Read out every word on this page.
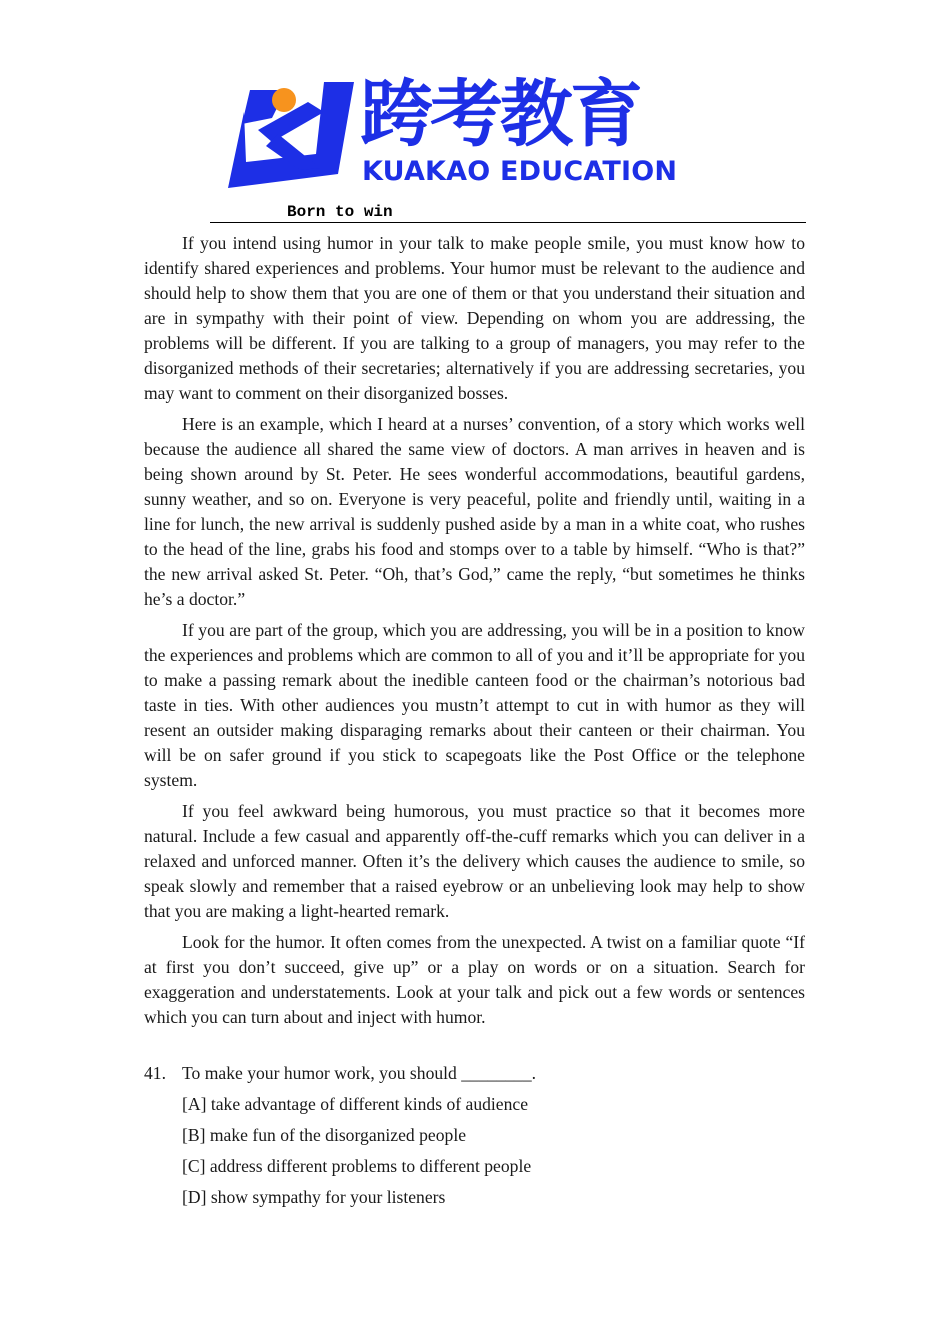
跨考教育
KUAKAO EDUCATION
Born to win

If you intend using humor in your talk to make people smile, you must know how to identify shared experiences and problems. Your humor must be relevant to the audience and should help to show them that you are one of them or that you understand their situation and are in sympathy with their point of view. Depending on whom you are addressing, the problems will be different. If you are talking to a group of managers, you may refer to the disorganized methods of their secretaries; alternatively if you are addressing secretaries, you may want to comment on their disorganized bosses.

Here is an example, which I heard at a nurses’ convention, of a story which works well because the audience all shared the same view of doctors. A man arrives in heaven and is being shown around by St. Peter. He sees wonderful accommodations, beautiful gardens, sunny weather, and so on. Everyone is very peaceful, polite and friendly until, waiting in a line for lunch, the new arrival is suddenly pushed aside by a man in a white coat, who rushes to the head of the line, grabs his food and stomps over to a table by himself. “Who is that?” the new arrival asked St. Peter. “Oh, that’s God,” came the reply, “but sometimes he thinks he’s a doctor.”

If you are part of the group, which you are addressing, you will be in a position to know the experiences and problems which are common to all of you and it’ll be appropriate for you to make a passing remark about the inedible canteen food or the chairman’s notorious bad taste in ties. With other audiences you mustn’t attempt to cut in with humor as they will resent an outsider making disparaging remarks about their canteen or their chairman. You will be on safer ground if you stick to scapegoats like the Post Office or the telephone system.

If you feel awkward being humorous, you must practice so that it becomes more natural. Include a few casual and apparently off-the-cuff remarks which you can deliver in a relaxed and unforced manner. Often it’s the delivery which causes the audience to smile, so speak slowly and remember that a raised eyebrow or an unbelieving look may help to show that you are making a light-hearted remark.

Look for the humor. It often comes from the unexpected. A twist on a familiar quote “If at first you don’t succeed, give up” or a play on words or on a situation. Search for exaggeration and understatements. Look at your talk and pick out a few words or sentences which you can turn about and inject with humor.

41. To make your humor work, you should ________.
[A] take advantage of different kinds of audience
[B] make fun of the disorganized people
[C] address different problems to different people
[D] show sympathy for your listeners
